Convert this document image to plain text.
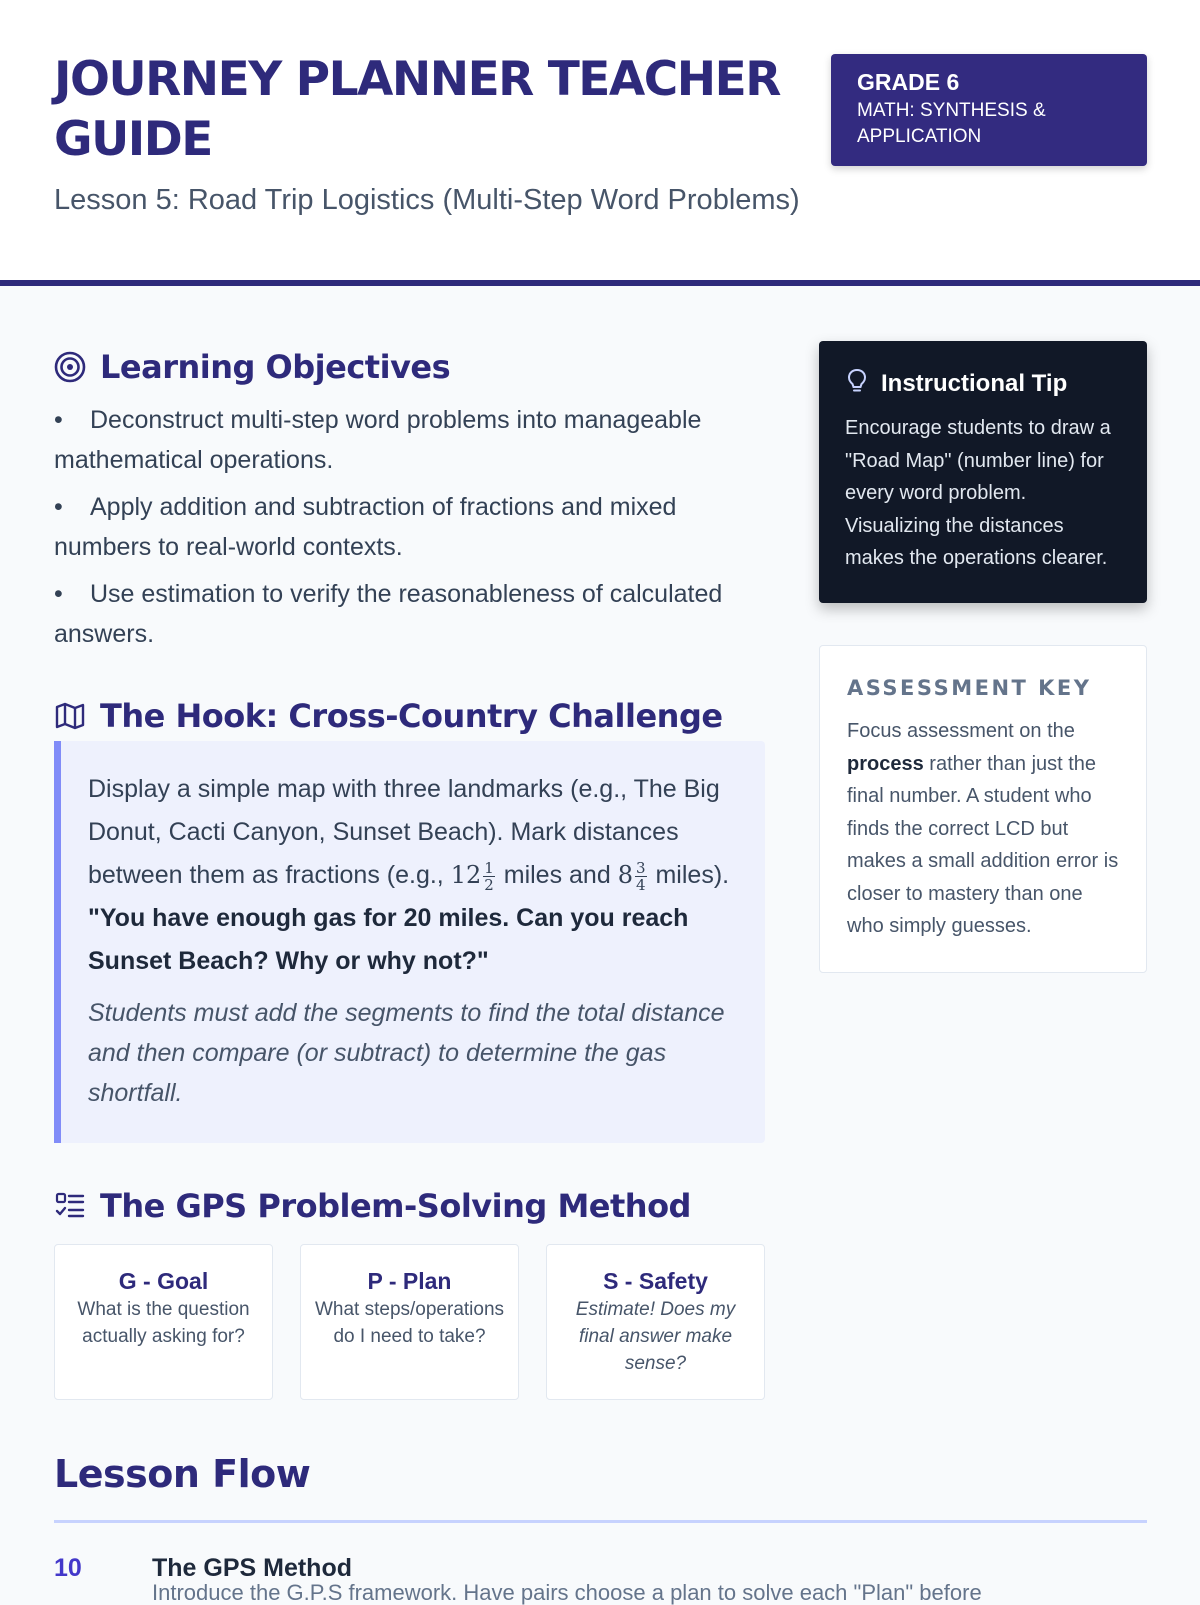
JOURNEY PLANNER TEACHER GUIDE
Lesson 5: Road Trip Logistics (Multi-Step Word Problems)
GRADE 6
MATH: SYNTHESIS & APPLICATION
Learning Objectives
• Deconstruct multi-step word problems into manageable mathematical operations.
• Apply addition and subtraction of fractions and mixed numbers to real-world contexts.
• Use estimation to verify the reasonableness of calculated answers.
The Hook: Cross-Country Challenge

Display a simple map with three landmarks (e.g., The Big Donut, Cacti Canyon, Sunset Beach). Mark distances between them as fractions (e.g., $12 \frac{1}{2}$ miles and $8 \frac{3}{4}$ miles). "You have enough gas for 20 miles. Can you reach Sunset Beach? Why or why not?"

Students must add the segments to find the total distance and then compare (or subtract) to determine the gas shortfall.

The GPS Problem-Solving Method
G - Goal
What is the question actually asking for?
P - Plan
What steps/operations do I need to take?
S - Safety
Estimate! Does my final answer make sense?
Lesson Flow
10	The GPS Method
Introduce the G.P.S framework. Have pairs choose a plan to solve each "Plan" before
Instructional Tip

Encourage students to draw a "Road Map" (number line) for every word problem. Visualizing the distances makes the operations clearer.

ASSESSMENT KEY

Focus assessment on the process rather than just the final number. A student who finds the correct LCD but makes a small addition error is closer to mastery than one who simply guesses.
